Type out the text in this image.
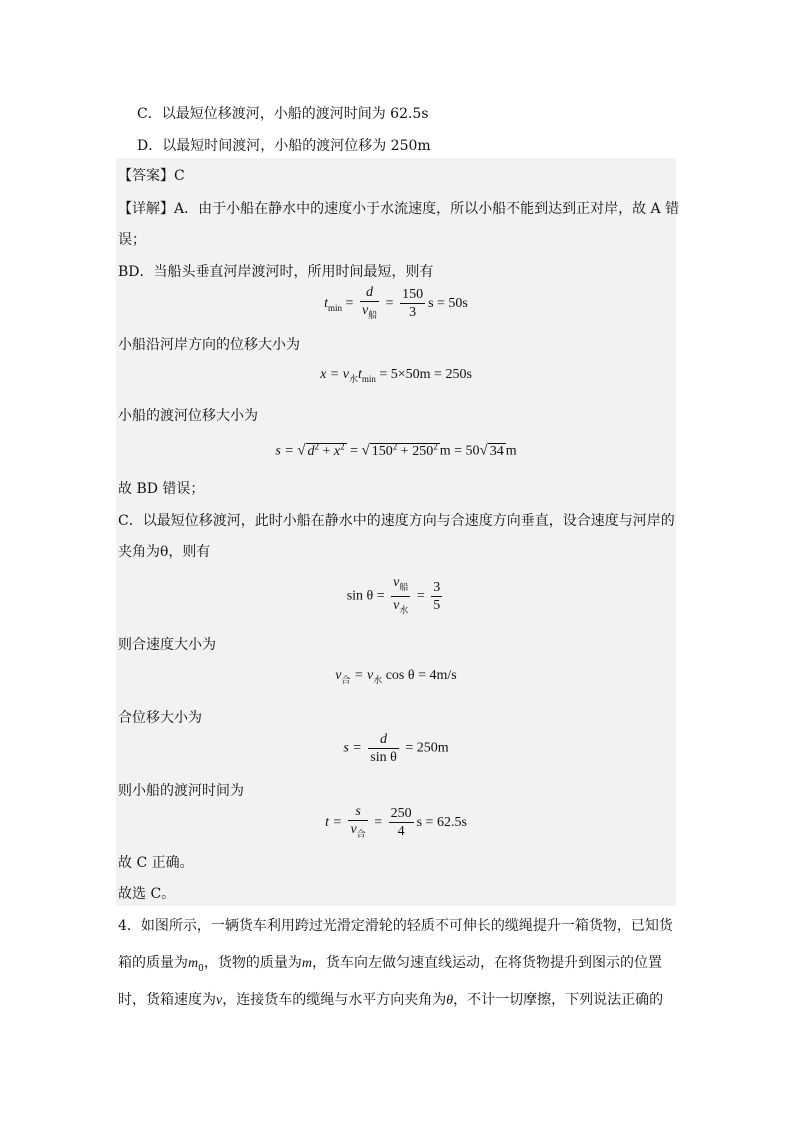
C．以最短位移渡河，小船的渡河时间为 62.5s
D．以最短时间渡河，小船的渡河位移为 250m
【答案】C
【详解】A．由于小船在静水中的速度小于水流速度，所以小船不能到达到正对岸，故 A 错
误；
BD．当船头垂直河岸渡河时，所用时间最短，则有
$t_{min} = \frac{d}{v_船} = \frac{150}{3}$ s = 50s
小船沿河岸方向的位移大小为
$x = v_水t_{min} = 5\times 50m = 250s$
小船的渡河位移大小为
s = √ $d^2 + x^2$ = √ $150^2 + 250^2$ m = 50√ 34 m
故 BD 错误；
C．以最短位移渡河，此时小船在静水中的速度方向与合速度方向垂直，设合速度与河岸的
夹角为θ，则有
$\sin \theta = \frac{v_船}{v_水} = \frac{3}{5}$
则合速度大小为
$v_合 = v_水$ cos θ = 4m/s
合位移大小为
$s = \frac{d}{\text{sin θ}} = 250m$
则小船的渡河时间为
$t = \frac{s}{v_合} = \frac{250}{4}$ s = 62.5s
故 C 正确。
故选 C。
4．如图所示，一辆货车利用跨过光滑定滑轮的轻质不可伸长的缆绳提升一箱货物，已知货
箱的质量为$m_0$，货物的质量为m，货车向左做匀速直线运动，在将货物提升到图示的位置
时，货箱速度为v，连接货车的缆绳与水平方向夹角为θ，不计一切摩擦，下列说法正确的
